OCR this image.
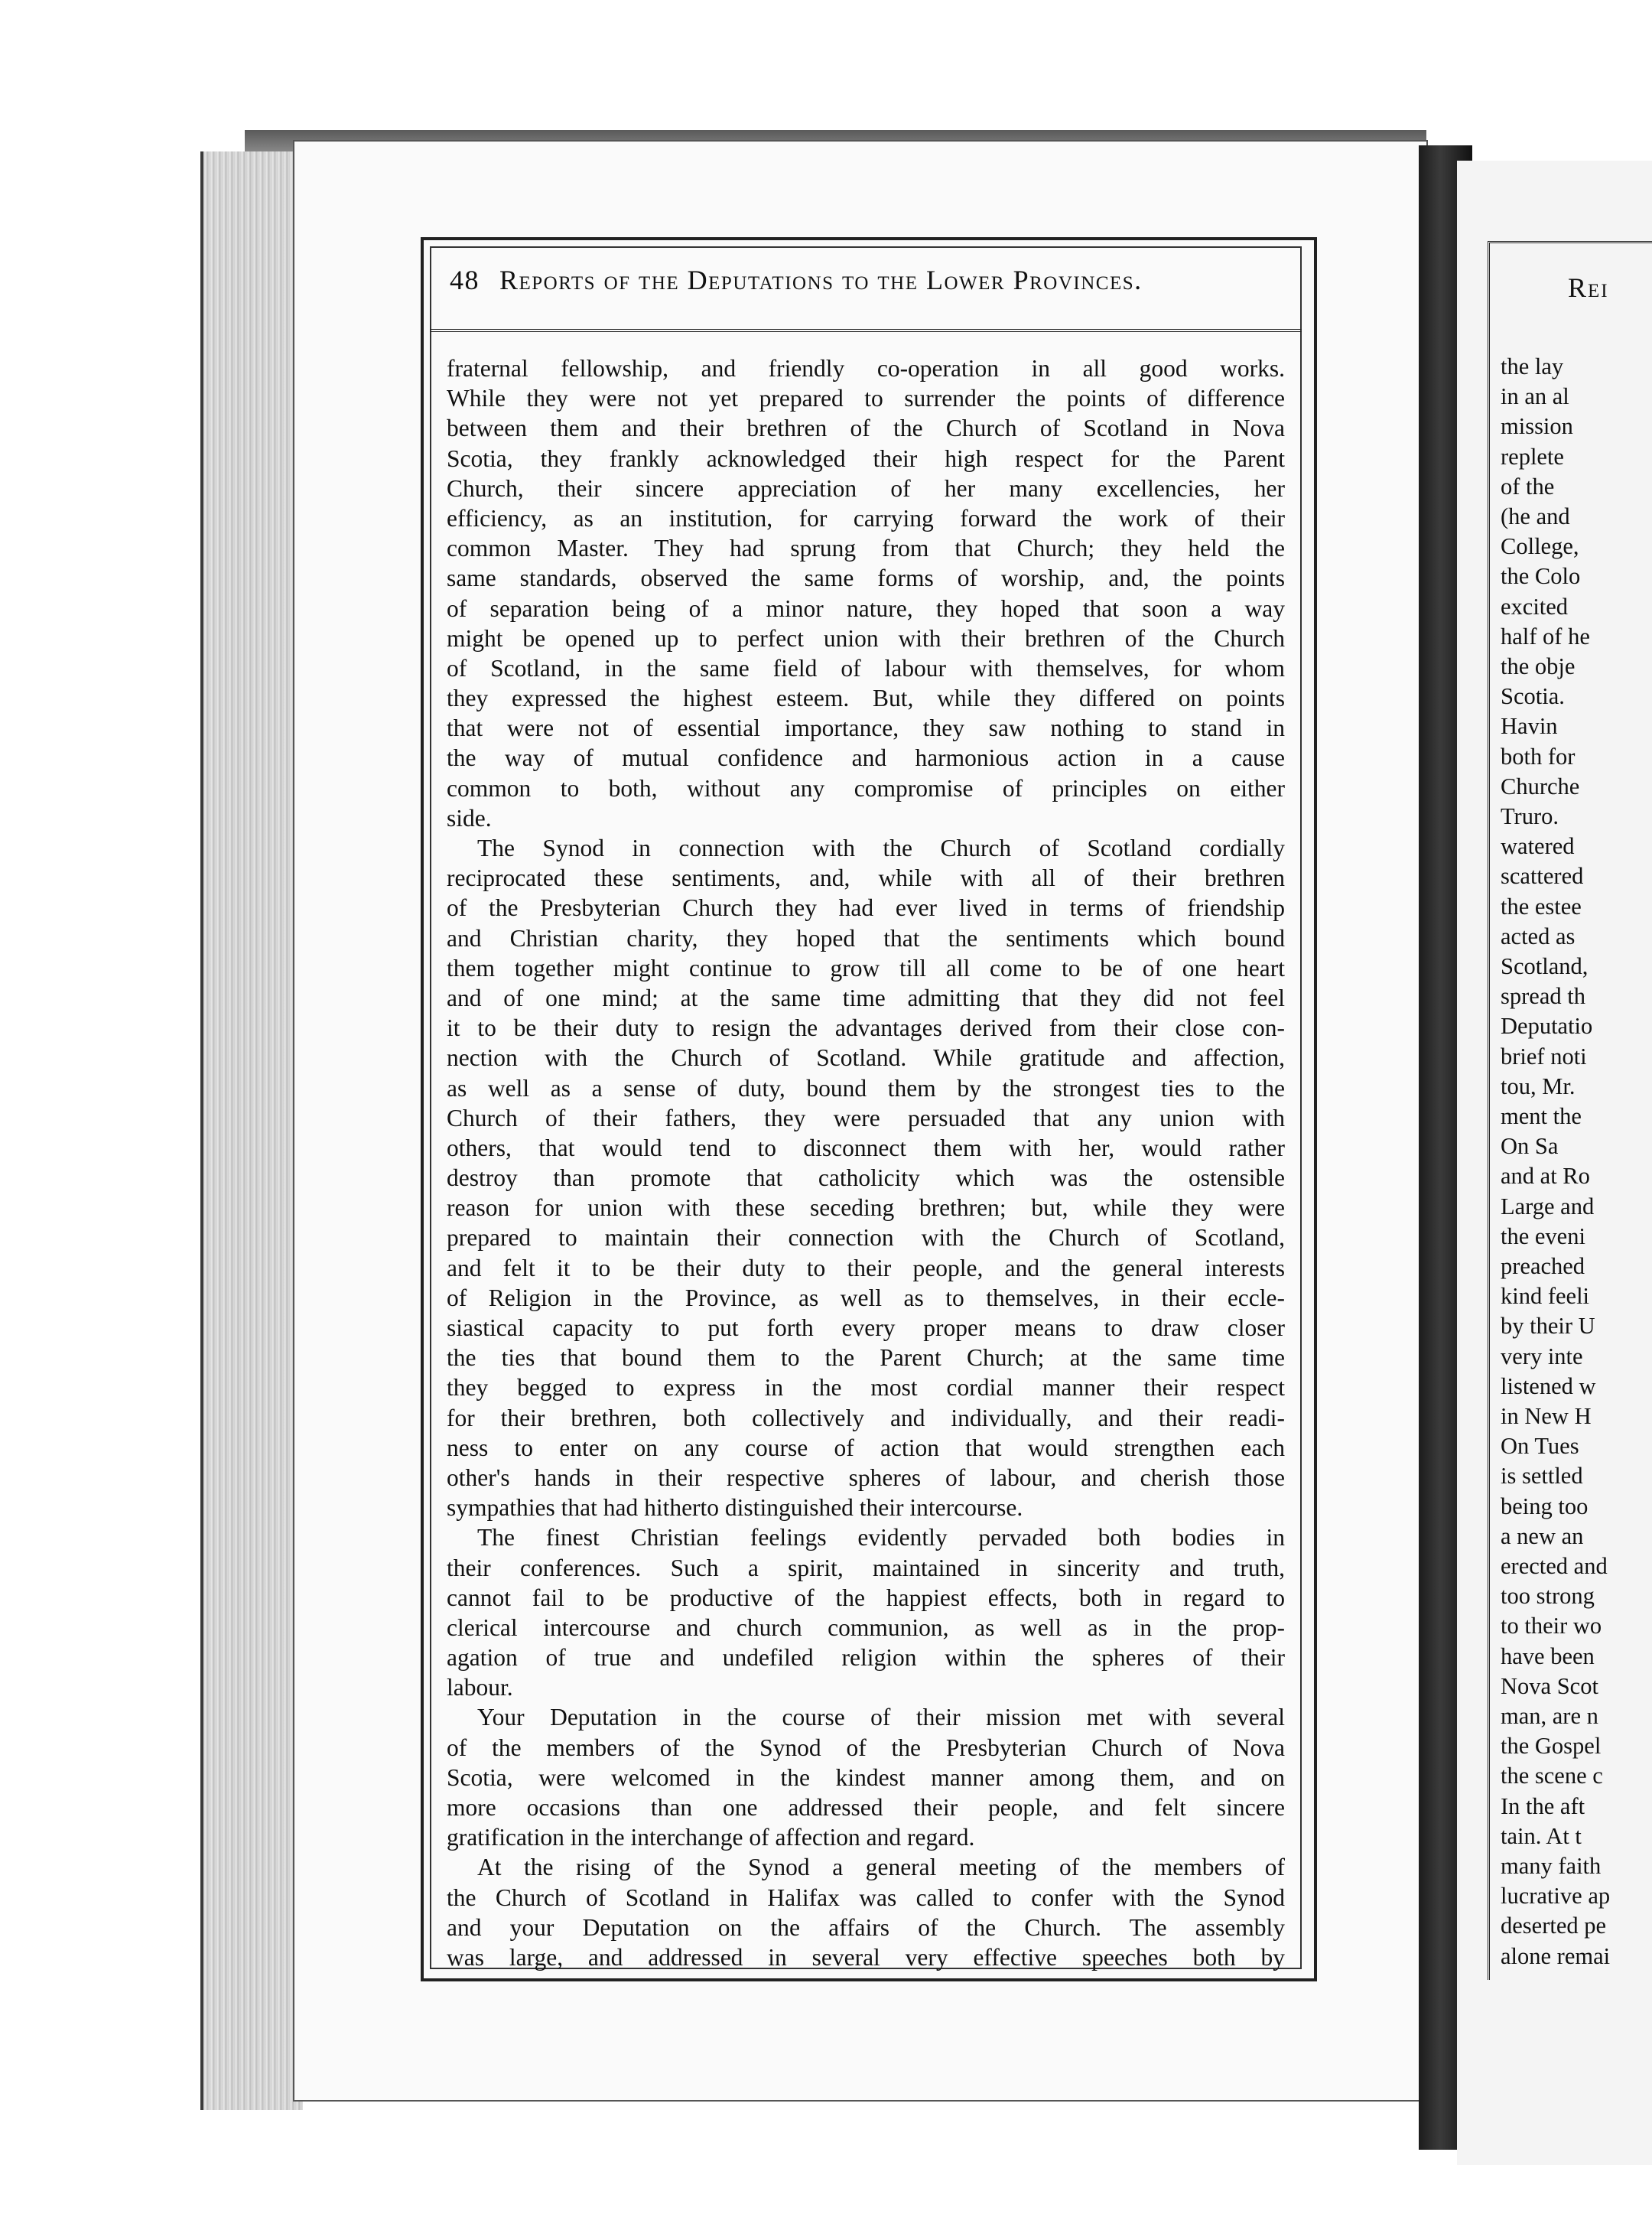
Rei
the lay
in an al
mission
replete
of the
(he and
College,
the Colo
excited
half of he
the obje
Scotia.
Havin
both for
Churche
Truro.
watered
scattered
the estee
acted as
Scotland,
spread th
Deputatio
brief noti
tou, Mr.
ment the
On Sa
and at Ro
Large and
the eveni
preached
kind feeli
by their U
very inte
listened w
in New H
On Tues
is settled
being too
a new an
erected and
too strong
to their wo
have been
Nova Scot
man, are n
the Gospel
the scene c
In the aft
tain. At t
many faith
lucrative ap
deserted pe
alone remai
48 Reports of the Deputations to the Lower Provinces.
fraternal fellowship, and friendly co-operation in all good works.
While they were not yet prepared to surrender the points of difference
between them and their brethren of the Church of Scotland in Nova
Scotia, they frankly acknowledged their high respect for the Parent
Church, their sincere appreciation of her many excellencies, her
efficiency, as an institution, for carrying forward the work of their
common Master. They had sprung from that Church; they held the
same standards, observed the same forms of worship, and, the points
of separation being of a minor nature, they hoped that soon a way
might be opened up to perfect union with their brethren of the Church
of Scotland, in the same field of labour with themselves, for whom
they expressed the highest esteem. But, while they differed on points
that were not of essential importance, they saw nothing to stand in
the way of mutual confidence and harmonious action in a cause
common to both, without any compromise of principles on either
side.
The Synod in connection with the Church of Scotland cordially
reciprocated these sentiments, and, while with all of their brethren
of the Presbyterian Church they had ever lived in terms of friendship
and Christian charity, they hoped that the sentiments which bound
them together might continue to grow till all come to be of one heart
and of one mind; at the same time admitting that they did not feel
it to be their duty to resign the advantages derived from their close con-
nection with the Church of Scotland. While gratitude and affection,
as well as a sense of duty, bound them by the strongest ties to the
Church of their fathers, they were persuaded that any union with
others, that would tend to disconnect them with her, would rather
destroy than promote that catholicity which was the ostensible
reason for union with these seceding brethren; but, while they were
prepared to maintain their connection with the Church of Scotland,
and felt it to be their duty to their people, and the general interests
of Religion in the Province, as well as to themselves, in their eccle-
siastical capacity to put forth every proper means to draw closer
the ties that bound them to the Parent Church; at the same time
they begged to express in the most cordial manner their respect
for their brethren, both collectively and individually, and their readi-
ness to enter on any course of action that would strengthen each
other's hands in their respective spheres of labour, and cherish those
sympathies that had hitherto distinguished their intercourse.
The finest Christian feelings evidently pervaded both bodies in
their conferences. Such a spirit, maintained in sincerity and truth,
cannot fail to be productive of the happiest effects, both in regard to
clerical intercourse and church communion, as well as in the prop-
agation of true and undefiled religion within the spheres of their
labour.
Your Deputation in the course of their mission met with several
of the members of the Synod of the Presbyterian Church of Nova
Scotia, were welcomed in the kindest manner among them, and on
more occasions than one addressed their people, and felt sincere
gratification in the interchange of affection and regard.
At the rising of the Synod a general meeting of the members of
the Church of Scotland in Halifax was called to confer with the Synod
and your Deputation on the affairs of the Church. The assembly
was large, and addressed in several very effective speeches both by
